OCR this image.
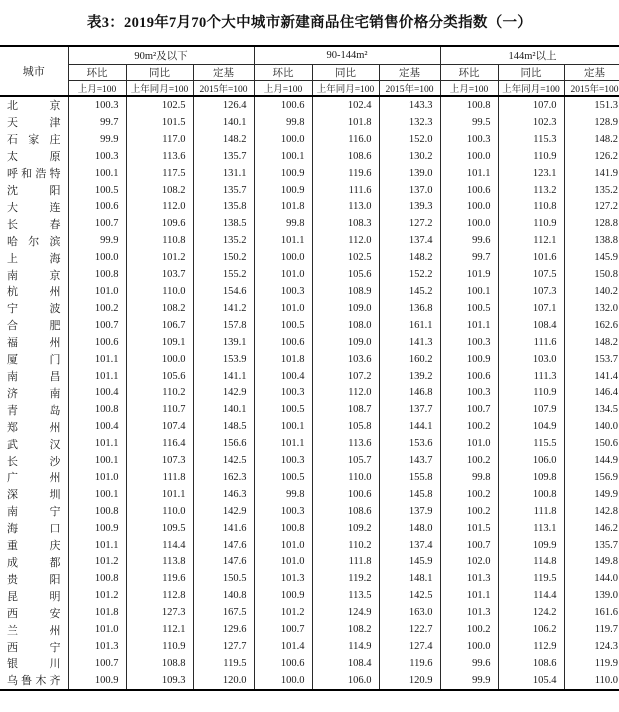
表3：2019年7月70个大中城市新建商品住宅销售价格分类指数（一）
城市	90m²及以下			90-144m²			144m²以上		
	环比	同比	定基	环比	同比	定基	环比	同比	定基
	上月=100	上年同月=100	2015年=100	上月=100	上年同月=100	2015年=100	上月=100	上年同月=100	2015年=100
北京	100.3	102.5	126.4	100.6	102.4	143.3	100.8	107.0	151.3
天津	99.7	101.5	140.1	99.8	101.8	132.3	99.5	102.3	128.9
石家庄	99.9	117.0	148.2	100.0	116.0	152.0	100.3	115.3	148.2
太原	100.3	113.6	135.7	100.1	108.6	130.2	100.0	110.9	126.2
呼和浩特	100.1	117.5	131.1	100.9	119.6	139.0	101.1	123.1	141.9
沈阳	100.5	108.2	135.7	100.9	111.6	137.0	100.6	113.2	135.2
大连	100.6	112.0	135.8	101.8	113.0	139.3	100.0	110.8	127.2
长春	100.7	109.6	138.5	99.8	108.3	127.2	100.0	110.9	128.8
哈尔滨	99.9	110.8	135.2	101.1	112.0	137.4	99.6	112.1	138.8
上海	100.0	101.2	150.2	100.0	102.5	148.2	99.7	101.6	145.9
南京	100.8	103.7	155.2	101.0	105.6	152.2	101.9	107.5	150.8
杭州	101.0	110.0	154.6	100.3	108.9	145.2	100.1	107.3	140.2
宁波	100.2	108.2	141.2	101.0	109.0	136.8	100.5	107.1	132.0
合肥	100.7	106.7	157.8	100.5	108.0	161.1	101.1	108.4	162.6
福州	100.6	109.1	139.1	100.6	109.0	141.3	100.3	111.6	148.2
厦门	101.1	100.0	153.9	101.8	103.6	160.2	100.9	103.0	153.7
南昌	101.1	105.6	141.1	100.4	107.2	139.2	100.6	111.3	141.4
济南	100.4	110.2	142.9	100.3	112.0	146.8	100.3	110.9	146.4
青岛	100.8	110.7	140.1	100.5	108.7	137.7	100.7	107.9	134.5
郑州	100.4	107.4	148.5	100.1	105.8	144.1	100.2	104.9	140.0
武汉	101.1	116.4	156.6	101.1	113.6	153.6	101.0	115.5	150.6
长沙	100.1	107.3	142.5	100.3	105.7	143.7	100.2	106.0	144.9
广州	101.0	111.8	162.3	100.5	110.0	155.8	99.8	109.8	156.9
深圳	100.1	101.1	146.3	99.8	100.6	145.8	100.2	100.8	149.9
南宁	100.8	110.0	142.9	100.3	108.6	137.9	100.2	111.8	142.8
海口	100.9	109.5	141.6	100.8	109.2	148.0	101.5	113.1	146.2
重庆	101.1	114.4	147.6	101.0	110.2	137.4	100.7	109.9	135.7
成都	101.2	113.8	147.6	101.0	111.8	145.9	102.0	114.8	149.8
贵阳	100.8	119.6	150.5	101.3	119.2	148.1	101.3	119.5	144.0
昆明	101.2	112.8	140.8	100.9	113.5	142.5	101.1	114.4	139.0
西安	101.8	127.3	167.5	101.2	124.9	163.0	101.3	124.2	161.6
兰州	101.0	112.1	129.6	100.7	108.2	122.7	100.2	106.2	119.7
西宁	101.3	110.9	127.7	101.4	114.9	127.4	100.0	112.9	124.3
银川	100.7	108.8	119.5	100.6	108.4	119.6	99.6	108.6	119.9
乌鲁木齐	100.9	109.3	120.0	100.0	106.0	120.9	99.9	105.4	110.0
